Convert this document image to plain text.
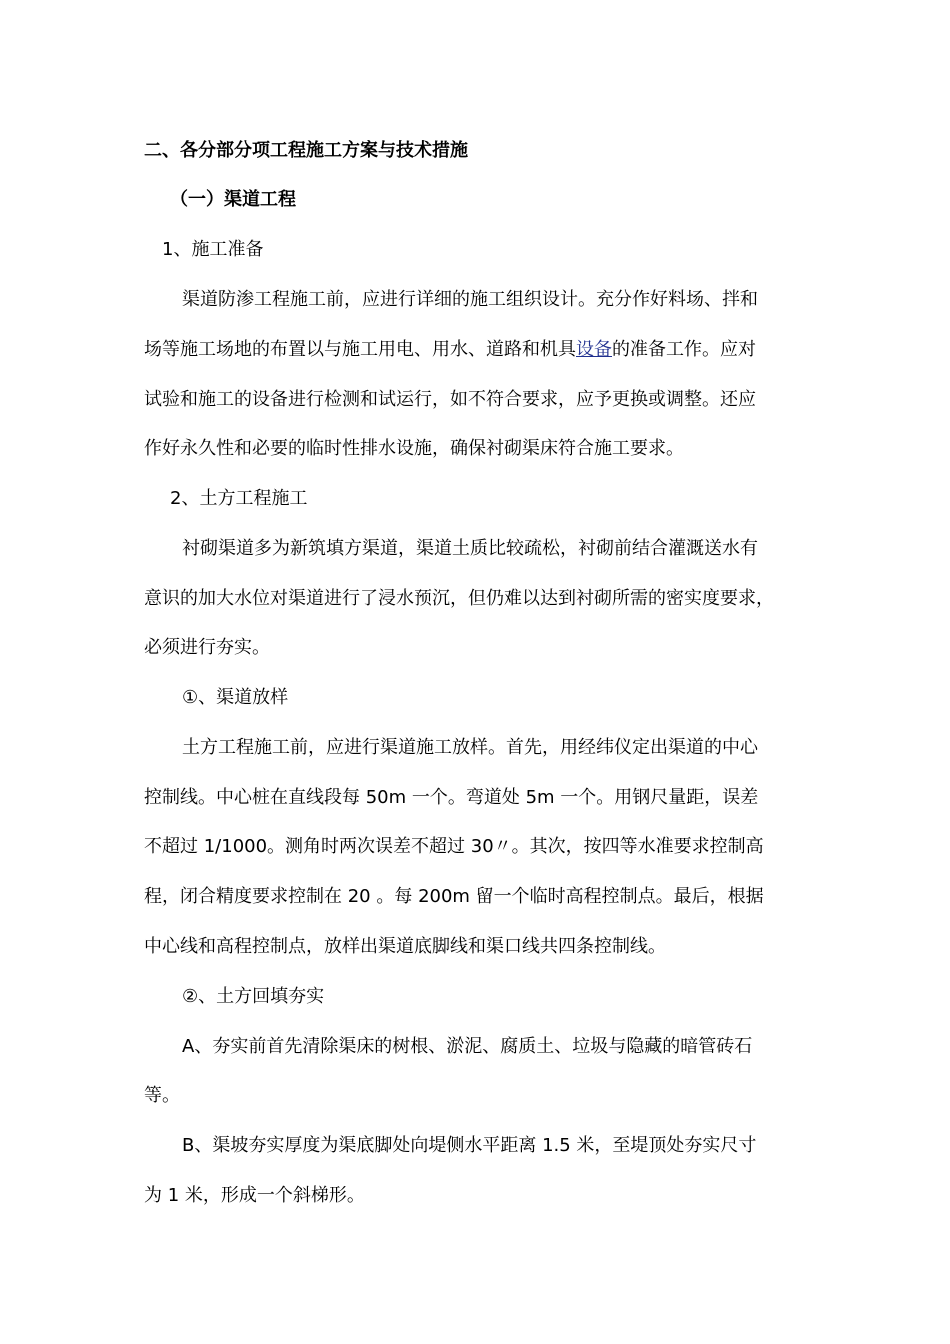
二、各分部分项工程施工方案与技术措施
（一）渠道工程
1、施工准备
渠道防渗工程施工前，应进行详细的施工组织设计。充分作好料场、拌和
场等施工场地的布置以与施工用电、用水、道路和机具设备的准备工作。应对
试验和施工的设备进行检测和试运行，如不符合要求，应予更换或调整。还应
作好永久性和必要的临时性排水设施，确保衬砌渠床符合施工要求。
2、土方工程施工
衬砌渠道多为新筑填方渠道，渠道土质比较疏松，衬砌前结合灌溉送水有
意识的加大水位对渠道进行了浸水预沉，但仍难以达到衬砌所需的密实度要求，
必须进行夯实。
①、渠道放样
土方工程施工前，应进行渠道施工放样。首先，用经纬仪定出渠道的中心
控制线。中心桩在直线段每 50m 一个。弯道处 5m 一个。用钢尺量距，误差
不超过 1/1000。测角时两次误差不超过 30〃。其次，按四等水准要求控制高
程，闭合精度要求控制在 20 。每 200m 留一个临时高程控制点。最后，根据
中心线和高程控制点，放样出渠道底脚线和渠口线共四条控制线。
②、土方回填夯实
A、夯实前首先清除渠床的树根、淤泥、腐质土、垃圾与隐藏的暗管砖石
等。
B、渠坡夯实厚度为渠底脚处向堤侧水平距离 1.5 米，至堤顶处夯实尺寸
为 1 米，形成一个斜梯形。
